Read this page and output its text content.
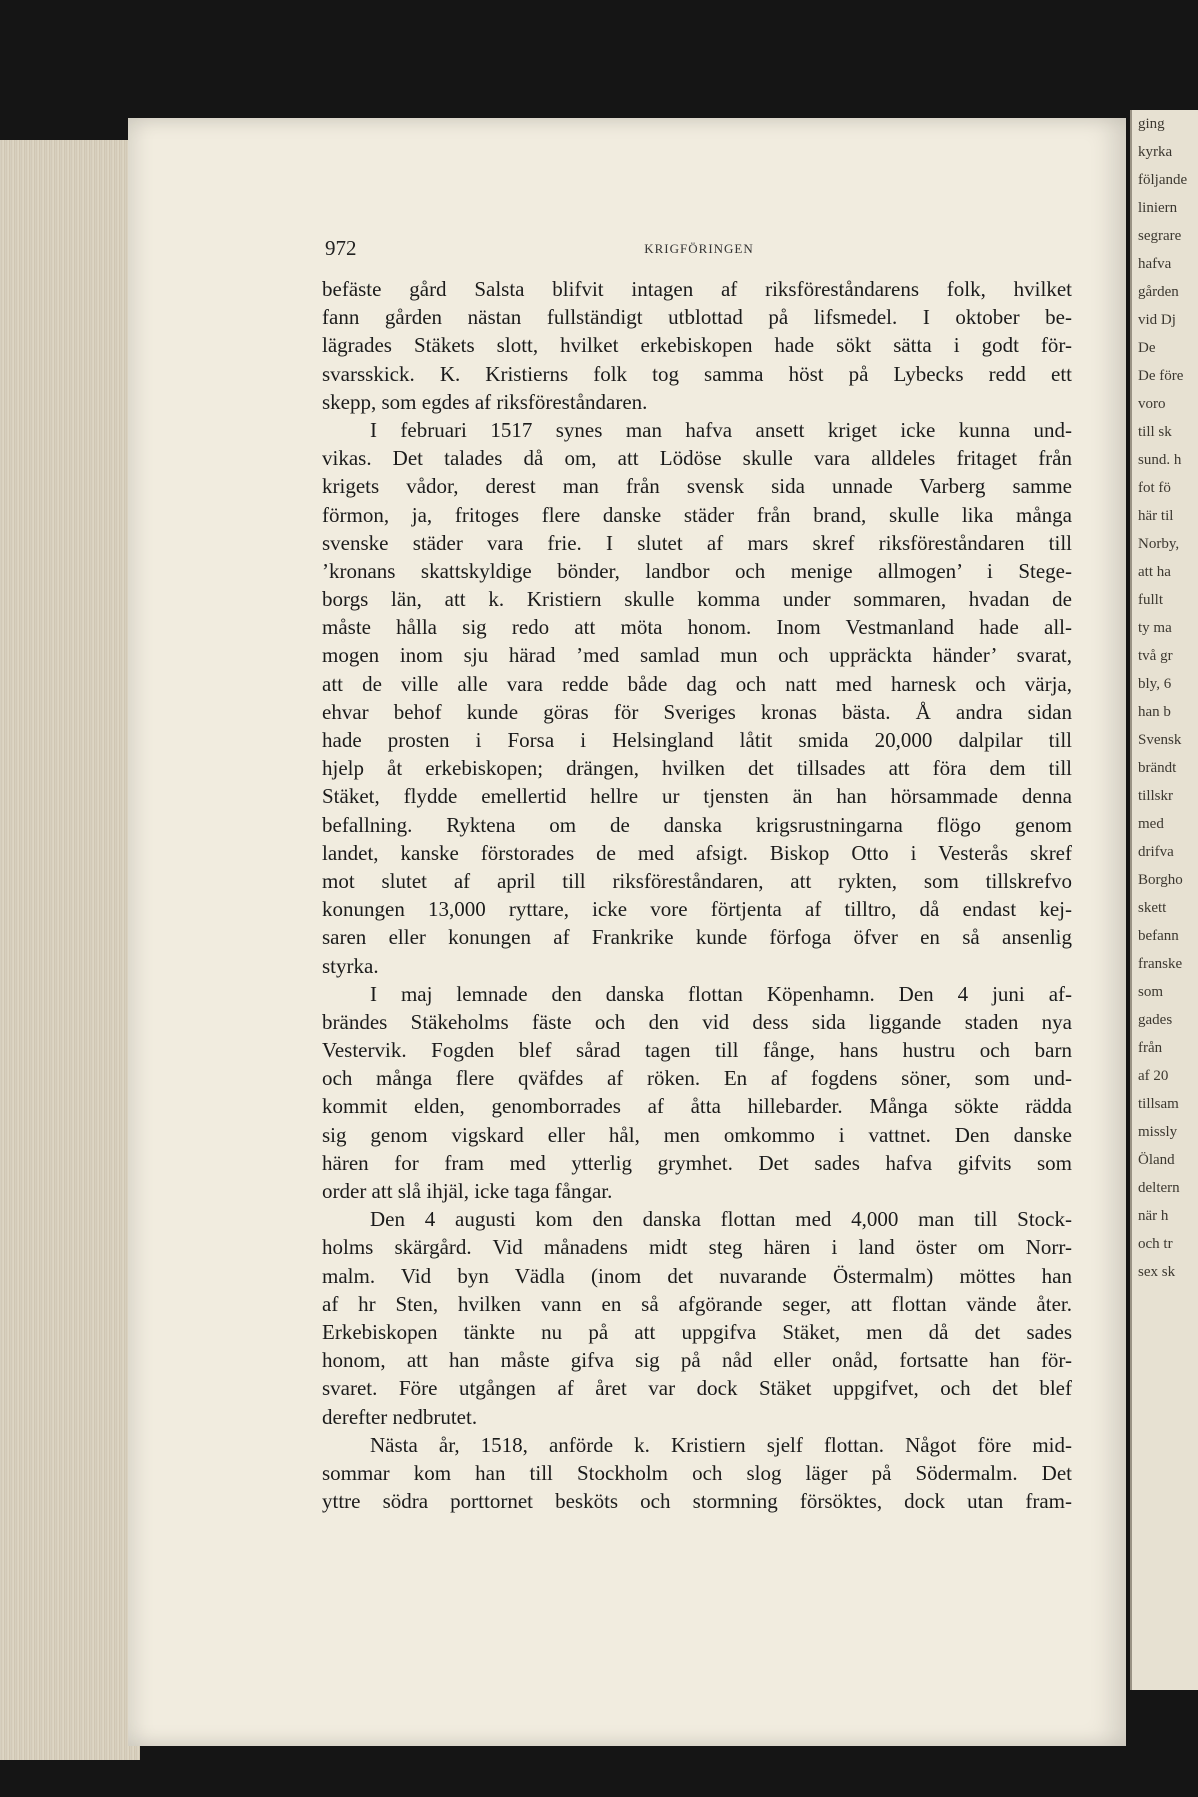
ging
kyrka
följande
liniern
segrare
hafva
gården
vid Dj
De
De före
voro
till sk
sund. h
fot fö
här til
Norby,
att ha
fullt
ty ma
två gr
bly, 6
han b
Svensk
brändt
tillskr
med
drifva
Borgho
skett
befann
franske
som
gades
från
af 20
tillsam
missly
Öland
deltern
när h
och tr
sex sk
972	KRIGFÖRINGEN
befäste gård Salsta blifvit intagen af riksföreståndarens folk, hvilket
fann gården nästan fullständigt utblottad på lifsmedel. I oktober be-
lägrades Stäkets slott, hvilket erkebiskopen hade sökt sätta i godt för-
svarsskick. K. Kristierns folk tog samma höst på Lybecks redd ett
skepp, som egdes af riksföreståndaren.
I februari 1517 synes man hafva ansett kriget icke kunna und-
vikas. Det talades då om, att Lödöse skulle vara alldeles fritaget från
krigets vådor, derest man från svensk sida unnade Varberg samme
förmon, ja, fritoges flere danske städer från brand, skulle lika många
svenske städer vara frie. I slutet af mars skref riksföreståndaren till
’kronans skattskyldige bönder, landbor och menige allmogen’ i Stege-
borgs län, att k. Kristiern skulle komma under sommaren, hvadan de
måste hålla sig redo att möta honom. Inom Vestmanland hade all-
mogen inom sju härad ’med samlad mun och uppräckta händer’ svarat,
att de ville alle vara redde både dag och natt med harnesk och värja,
ehvar behof kunde göras för Sveriges kronas bästa. Å andra sidan
hade prosten i Forsa i Helsingland låtit smida 20,000 dalpilar till
hjelp åt erkebiskopen; drängen, hvilken det tillsades att föra dem till
Stäket, flydde emellertid hellre ur tjensten än han hörsammade denna
befallning. Ryktena om de danska krigsrustningarna flögo genom
landet, kanske förstorades de med afsigt. Biskop Otto i Vesterås skref
mot slutet af april till riksföreståndaren, att rykten, som tillskrefvo
konungen 13,000 ryttare, icke vore förtjenta af tilltro, då endast kej-
saren eller konungen af Frankrike kunde förfoga öfver en så ansenlig
styrka.
I maj lemnade den danska flottan Köpenhamn. Den 4 juni af-
brändes Stäkeholms fäste och den vid dess sida liggande staden nya
Vestervik. Fogden blef sårad tagen till fånge, hans hustru och barn
och många flere qväfdes af röken. En af fogdens söner, som und-
kommit elden, genomborrades af åtta hillebarder. Många sökte rädda
sig genom vigskard eller hål, men omkommo i vattnet. Den danske
hären for fram med ytterlig grymhet. Det sades hafva gifvits som
order att slå ihjäl, icke taga fångar.
Den 4 augusti kom den danska flottan med 4,000 man till Stock-
holms skärgård. Vid månadens midt steg hären i land öster om Norr-
malm. Vid byn Vädla (inom det nuvarande Östermalm) möttes han
af hr Sten, hvilken vann en så afgörande seger, att flottan vände åter.
Erkebiskopen tänkte nu på att uppgifva Stäket, men då det sades
honom, att han måste gifva sig på nåd eller onåd, fortsatte han för-
svaret. Före utgången af året var dock Stäket uppgifvet, och det blef
derefter nedbrutet.
Nästa år, 1518, anförde k. Kristiern sjelf flottan. Något före mid-
sommar kom han till Stockholm och slog läger på Södermalm. Det
yttre södra porttornet besköts och stormning försöktes, dock utan fram-
